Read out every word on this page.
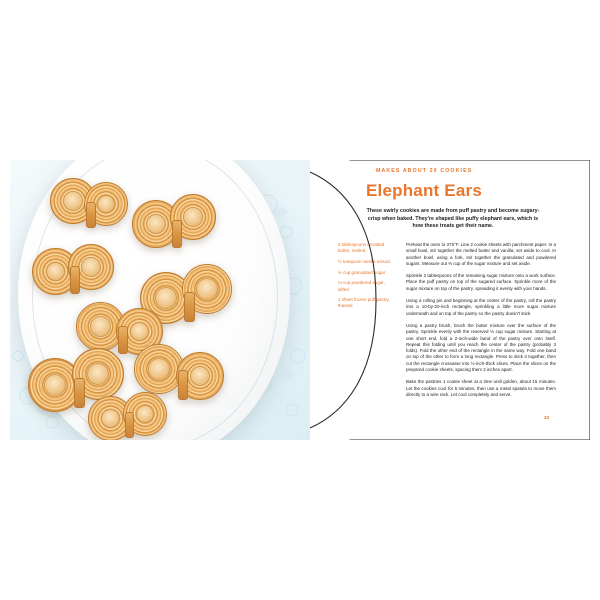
MAKES ABOUT 20 COOKIES
Elephant Ears
These swirly cookies are made from puff pastry and become sugary-crisp when baked. They're shaped like puffy elephant ears, which is how these treats get their name.
3 tablespoons unsalted butter, melted
½ teaspoon vanilla extract
⅓ cup granulated sugar
⅓ cup powdered sugar, sifted
1 sheet frozen puff pastry, thawed

Preheat the oven to 375°F. Line 2 cookie sheets with parchment paper. In a small bowl, stir together the melted butter and vanilla; set aside to cool. In another bowl, using a fork, stir together the granulated and powdered sugars. Measure out ⅓ cup of the sugar mixture and set aside.

Sprinkle 2 tablespoons of the remaining sugar mixture onto a work surface. Place the puff pastry on top of the sugared surface. Sprinkle more of the sugar mixture on top of the pastry, spreading it evenly with your hands.

Using a rolling pin and beginning at the center of the pastry, roll the pastry into a 10-by-20-inch rectangle, sprinkling a little more sugar mixture underneath and on top of the pastry so the pastry doesn't stick.

Using a pastry brush, brush the butter mixture over the surface of the pastry. Sprinkle evenly with the reserved ⅓ cup sugar mixture. Starting at one short end, fold a 2-inch-wide band of the pastry over onto itself. Repeat this folding until you reach the center of the pastry (probably 3 folds). Fold the other end of the rectangle in the same way. Fold one band on top of the other to form a long rectangle. Press to stick it together, then cut the rectangle crosswise into ½-inch-thick slices. Place the slices on the prepared cookie sheets, spacing them 2 inches apart.

Bake the pastries 1 cookie sheet at a time until golden, about 15 minutes. Let the cookies cool for 5 minutes, then use a metal spatula to move them directly to a wire rack. Let cool completely and serve.

33
